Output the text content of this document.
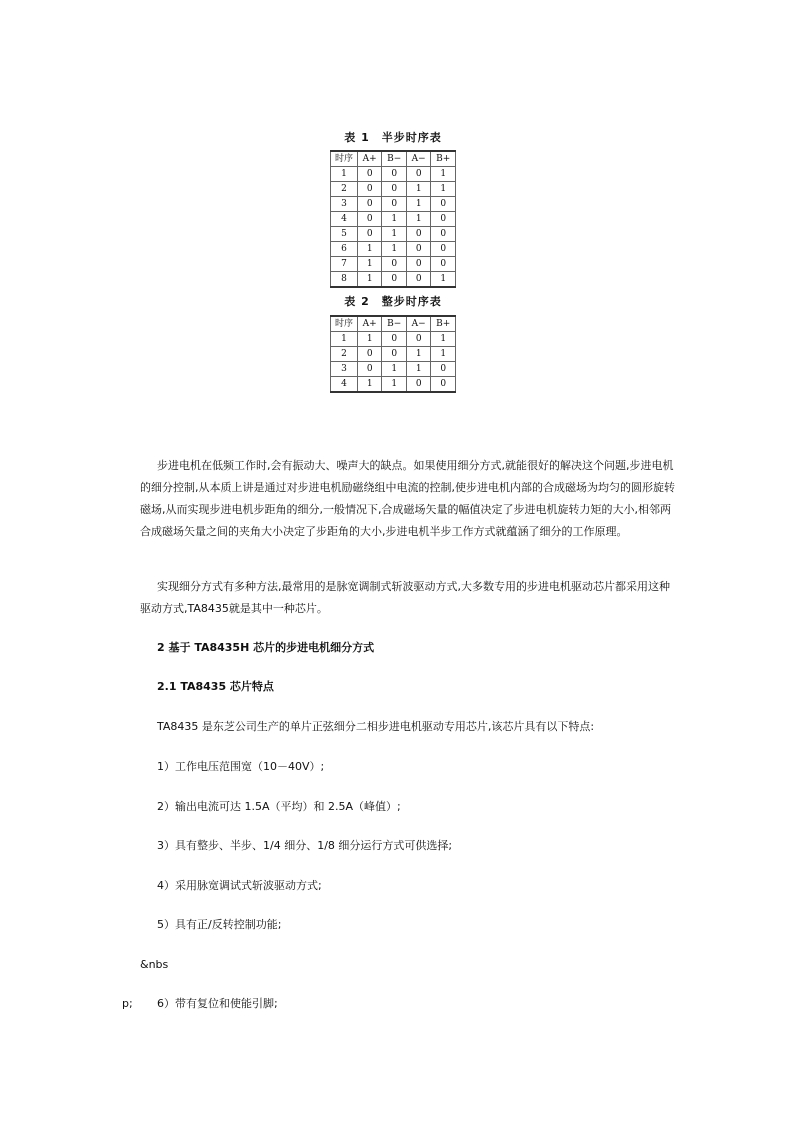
表 1　半步时序表
时序	A+	B−	A−	B+
1	0	0	0	1
2	0	0	1	1
3	0	0	1	0
4	0	1	1	0
5	0	1	0	0
6	1	1	0	0
7	1	0	0	0
8	1	0	0	1
表 2　整步时序表
时序	A+	B−	A−	B+
1	1	0	0	1
2	0	0	1	1
3	0	1	1	0
4	1	1	0	0

步进电机在低频工作时,会有振动大、噪声大的缺点。如果使用细分方式,就能很好的解决这个问题,步进电机的细分控制,从本质上讲是通过对步进电机励磁绕组中电流的控制,使步进电机内部的合成磁场为均匀的圆形旋转磁场,从而实现步进电机步距角的细分,一般情况下,合成磁场矢量的幅值决定了步进电机旋转力矩的大小,相邻两合成磁场矢量之间的夹角大小决定了步距角的大小,步进电机半步工作方式就蕴涵了细分的工作原理。

实现细分方式有多种方法,最常用的是脉宽调制式斩波驱动方式,大多数专用的步进电机驱动芯片都采用这种驱动方式,TA8435就是其中一种芯片。

2 基于 TA8435H 芯片的步进电机细分方式

2.1 TA8435 芯片特点

TA8435 是东芝公司生产的单片正弦细分二相步进电机驱动专用芯片,该芯片具有以下特点:

1）工作电压范围宽（10－40V）;

2）输出电流可达 1.5A（平均）和 2.5A（峰值）;

3）具有整步、半步、1/4 细分、1/8 细分运行方式可供选择;

4）采用脉宽调试式斩波驱动方式;

5）具有正/反转控制功能;

&nbs

p; 6）带有复位和使能引脚;
